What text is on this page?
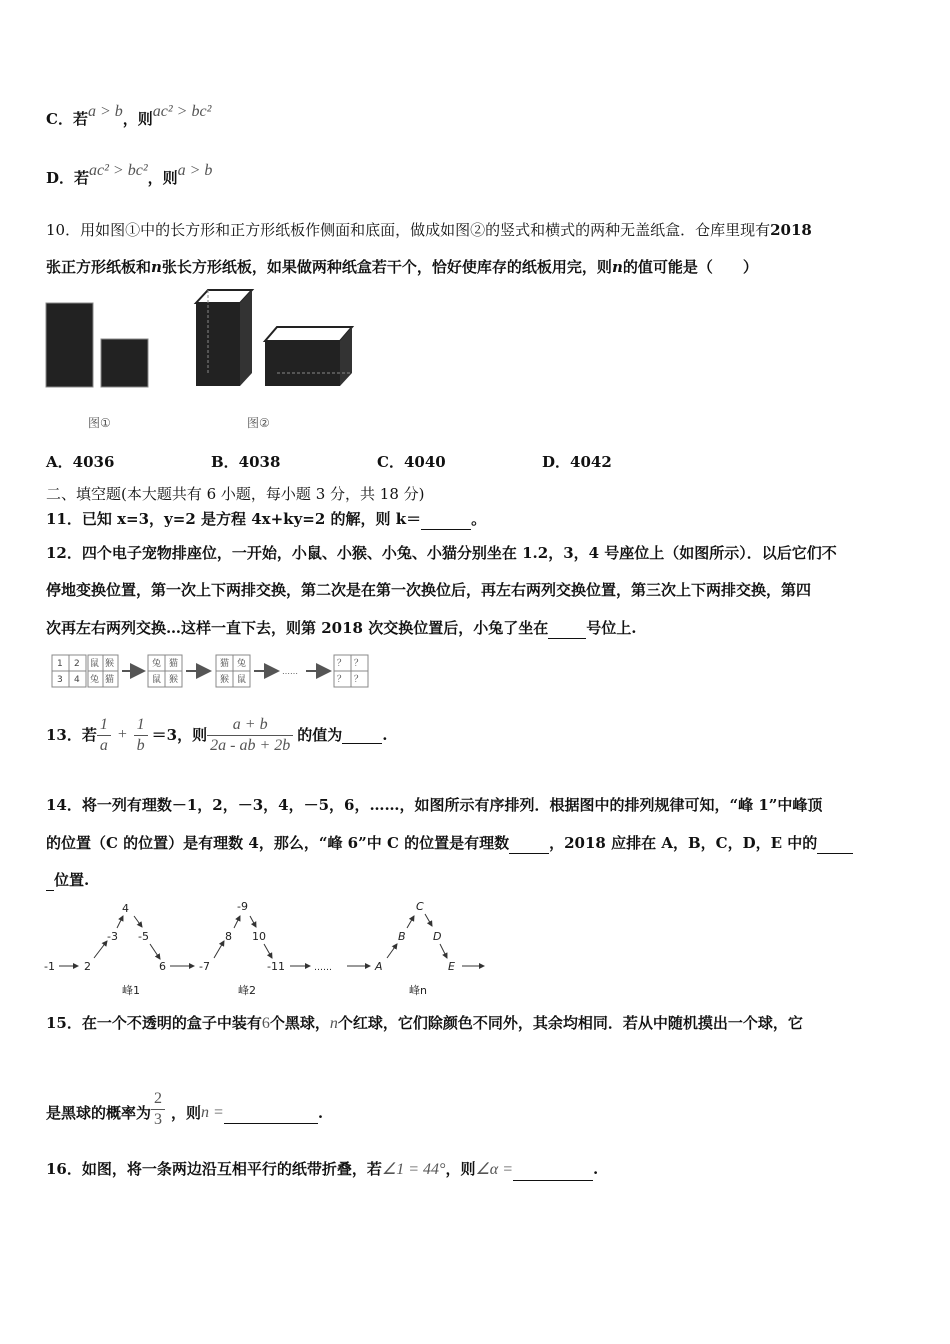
C．若a > b，则ac² > bc²
D．若ac² > bc²，则a > b
10．用如图①中的长方形和正方形纸板作侧面和底面，做成如图②的竖式和横式的两种无盖纸盒．仓库里现有2018
张正方形纸板和n张长方形纸板，如果做两种纸盒若干个，恰好使库存的纸板用完，则n的值可能是（　　）
图①	图②
A．4036	B．4038	C．4040	D．4042
二、填空题(本大题共有 6 小题，每小题 3 分，共 18 分)
11．已知 x=3，y=2 是方程 4x+ky=2 的解，则 k＝	。
12．四个电子宠物排座位，一开始，小鼠、小猴、小兔、小猫分别坐在 1.2，3，4 号座位上（如图所示）．以后它们不
停地变换位置，第一次上下两排交换，第二次是在第一次换位后，再左右两列交换位置，第三次上下两排交换，第四
次再左右两列交换…这样一直下去，则第 2018 次交换位置后，小兔了坐在	号位上.
1 2
3 4
鼠 猴
兔 猫
兔 猫
鼠 猴
猫 兔
猴 鼠
……
？ ？
？ ？
13．若 $\frac{1}{a} + \frac{1}{b} =3$，则 $\frac{a + b}{2a - ab + 2b}$ 的值为	.
14．将一列有理数－1，2，－3，4，－5，6，……，如图所示有序排列．根据图中的排列规律可知，“峰 1”中峰顶
的位置（C 的位置）是有理数 4，那么，“峰 6”中 C 的位置是有理数	，2018 应排在 A，B，C，D，E 中的
位置.
-1	2
-3
4
-5
6	-7
8
-9
10
-11	……	A
B
C
D
E
峰1	峰2	峰n
15．在一个不透明的盒子中装有6个黑球，n个红球，它们除颜色不同外，其余均相同．若从中随机摸出一个球，它
是黑球的概率为 $\frac{2}{3}$ ，则 n =	.
16．如图，将一条两边沿互相平行的纸带折叠，若∠1 = 44°，则∠α =	.
